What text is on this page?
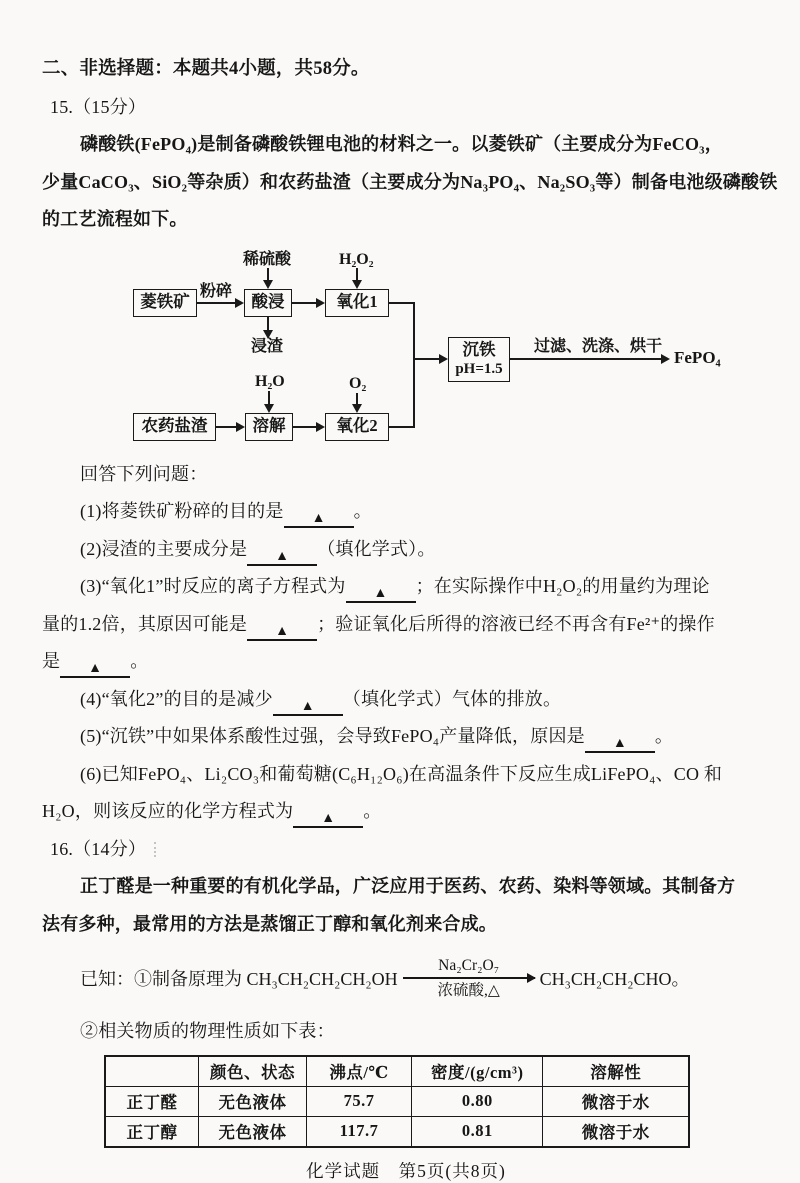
二、非选择题：本题共4小题，共58分。
15.（15分）
磷酸铁(FePO₄)是制备磷酸铁锂电池的材料之一。以菱铁矿（主要成分为FeCO₃，
少量CaCO₃、SiO₂等杂质）和农药盐渣（主要成分为Na₃PO₄、Na₂SO₃等）制备电池级磷酸铁
的工艺流程如下。
菱铁矿	酸浸	氧化1
农药盐渣	溶解	氧化2
沉铁
pH=1.5
粉碎
稀硫酸	H₂O₂
浸渣
H₂O	O₂
过滤、洗涤、烘干
FePO₄
回答下列问题：
(1)将菱铁矿粉碎的目的是 ▲ 。
(2)浸渣的主要成分是 ▲ （填化学式）。
(3)“氧化1”时反应的离子方程式为 ▲ ；在实际操作中H₂O₂的用量约为理论
量的1.2倍，其原因可能是 ▲ ；验证氧化后所得的溶液已经不再含有Fe²⁺的操作
是 ▲ 。
(4)“氧化2”的目的是减少 ▲ （填化学式）气体的排放。
(5)“沉铁”中如果体系酸性过强，会导致FePO₄产量降低，原因是 ▲ 。
(6)已知FePO₄、Li₂CO₃和葡萄糖(C₆H₁₂O₆)在高温条件下反应生成LiFePO₄、CO 和
H₂O，则该反应的化学方程式为 ▲ 。
16.（14分）
正丁醛是一种重要的有机化学品，广泛应用于医药、农药、染料等领域。其制备方
法有多种，最常用的方法是蒸馏正丁醇和氧化剂来合成。
已知：①制备原理为 CH₃CH₂CH₂CH₂OH
Na₂Cr₂O₇
浓硫酸,△
CH₃CH₂CH₂CHO。
②相关物质的物理性质如下表：
	颜色、状态	沸点/℃	密度/(g/cm³)	溶解性
正丁醛	无色液体	75.7	0.80	微溶于水
正丁醇	无色液体	117.7	0.81	微溶于水
化学试题　第5页(共8页)
